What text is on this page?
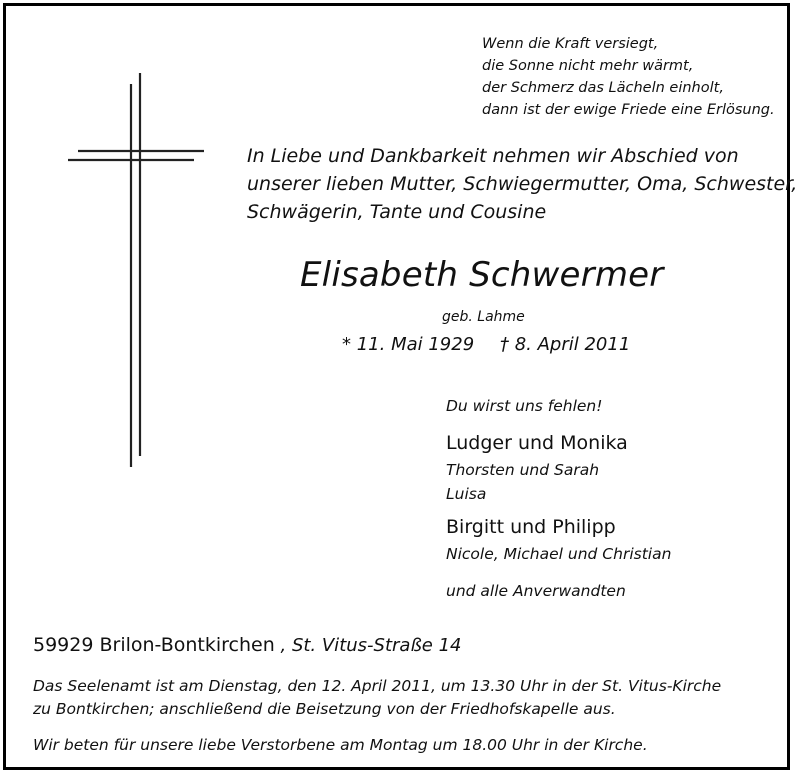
Wenn die Kraft versiegt,
die Sonne nicht mehr wärmt,
der Schmerz das Lächeln einholt,
dann ist der ewige Friede eine Erlösung.
In Liebe und Dankbarkeit nehmen wir Abschied von
unserer lieben Mutter, Schwiegermutter, Oma, Schwester,
Schwägerin, Tante und Cousine
Elisabeth Schwermer
geb. Lahme
* 11. Mai 1929 † 8. April 2011
Du wirst uns fehlen!
Ludger und Monika
Thorsten und Sarah
Luisa
Birgitt und Philipp
Nicole, Michael und Christian
und alle Anverwandten
59929 Brilon-Bontkirchen , St. Vitus-Straße 14
Das Seelenamt ist am Dienstag, den 12. April 2011, um 13.30 Uhr in der St. Vitus-Kirche
zu Bontkirchen; anschließend die Beisetzung von der Friedhofskapelle aus.
Wir beten für unsere liebe Verstorbene am Montag um 18.00 Uhr in der Kirche.
